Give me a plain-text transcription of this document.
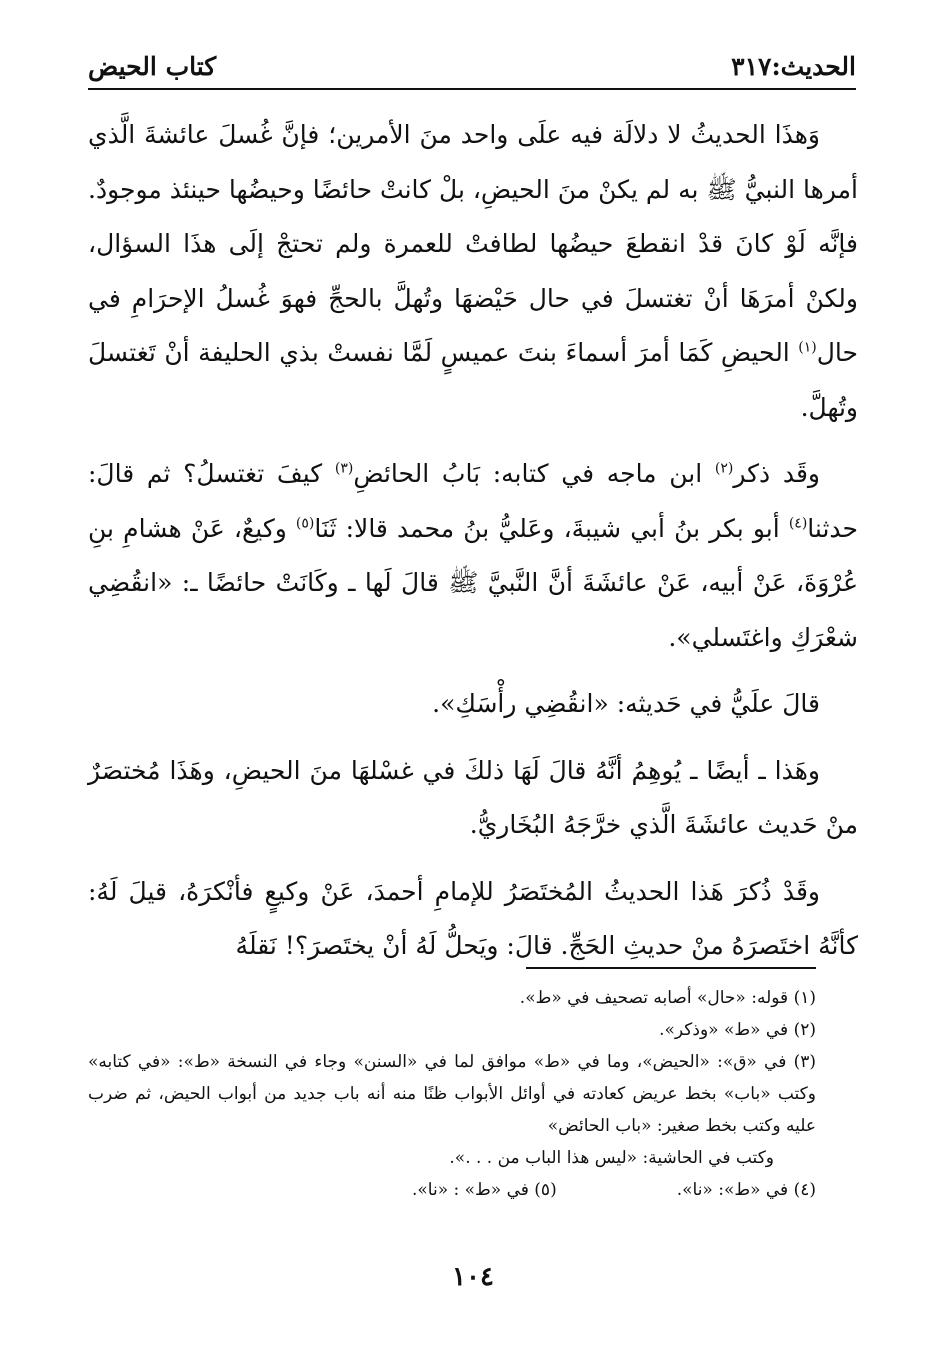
الحديث:٣١٧
كتاب الحيض

وَهذَا الحديثُ لا دلالَة فيه علَى واحد منَ الأمرين؛ فإنَّ غُسلَ عائشةَ الَّذي أمرها النبيُّ ﷺ به لم يكنْ منَ الحيضِ، بلْ كانتْ حائضًا وحيضُها حينئذ موجودٌ. فإنَّه لَوْ كانَ قدْ انقطعَ حيضُها لطافتْ للعمرة ولم تحتجْ إلَى هذَا السؤال، ولكنْ أمرَهَا أنْ تغتسلَ في حال حَيْضهَا وتُهلَّ بالحجِّ فهوَ غُسلُ الإحرَامِ في حال$^{(١)}$ الحيضِ كَمَا أمرَ أسماءَ بنتَ عميسٍ لَمَّا نفستْ بذي الحليفة أنْ تَغتسلَ وتُهلَّ.

وقَد ذكر$^{(٢)}$ ابن ماجه في كتابه: بَابُ الحائضِ$^{(٣)}$ كيفَ تغتسلُ؟ ثم قالَ: حدثنا$^{(٤)}$ أبو بكر بنُ أبي شيبةَ، وعَليُّ بنُ محمد قالا: ثَنَا$^{(٥)}$ وكيعٌ، عَنْ هشامِ بنِ عُرْوَةَ، عَنْ أبيه، عَنْ عائشَةَ أنَّ النَّبيَّ ﷺ قالَ لَها ـ وكَانَتْ حائضًا ـ: «انقُضِي شعْرَكِ واغتَسلي».

قالَ علَيُّ في حَديثه: «انقُضِي رأْسَكِ».

وهَذا ـ أيضًا ـ يُوهِمُ أنَّهُ قالَ لَهَا ذلكَ في غسْلهَا منَ الحيضِ، وهَذَا مُختصَرٌ منْ حَديث عائشَةَ الَّذي خرَّجَهُ البُخَاريُّ.

وقَدْ ذُكرَ هَذا الحديثُ المُختَصَرُ للإمامِ أحمدَ، عَنْ وكيعٍ فأنْكرَهُ، قيلَ لَهُ: كأنَّهُ اختَصرَهُ منْ حديثِ الحَجِّ. قالَ: ويَحلُّ لَهُ أنْ يختَصرَ؟! نَقلَهُ

(١) قوله: «حال» أصابه تصحيف في «ط».

(٢) في «ط» «وذكر».

(٣) في «ق»: «الحيض»، وما في «ط» موافق لما في «السنن» وجاء في النسخة «ط»: «في كتابه» وكتب «باب» بخط عريض كعادته في أوائل الأبواب ظنًا منه أنه باب جديد من أبواب الحيض، ثم ضرب عليه وكتب بخط صغير: «باب الحائض»

وكتب في الحاشية: «ليس هذا الباب من . . .».

(٤) في «ط»: «نا».
(٥) في «ط» : «نا».
١٠٤
